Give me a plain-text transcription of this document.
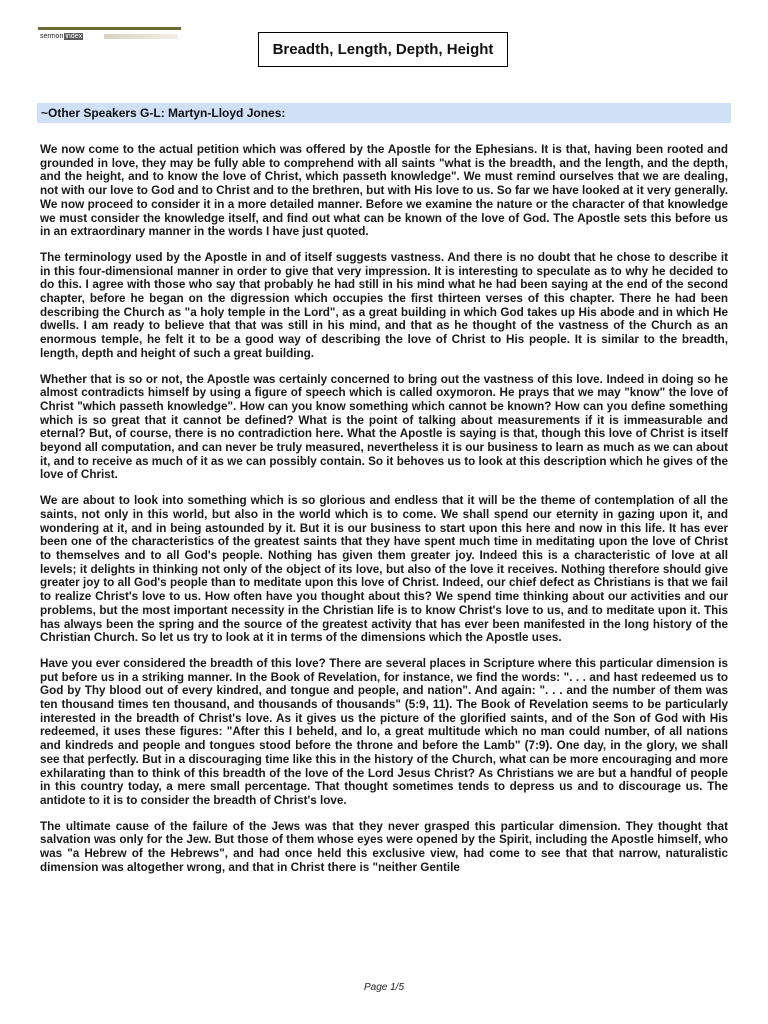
sermon index
Breadth, Length, Depth, Height
~Other Speakers G-L: Martyn-Lloyd Jones:

We now come to the actual petition which was offered by the Apostle for the Ephesians. It is that, having been rooted and grounded in love, they may be fully able to comprehend with all saints "what is the breadth, and the length, and the depth, and the height, and to know the love of Christ, which passeth knowledge". We must remind ourselves that we are dealing, not with our love to God and to Christ and to the brethren, but with His love to us. So far we have looked at it very generally. We now proceed to consider it in a more detailed manner. Before we examine the nature or the character of that knowledge we must consider the knowledge itself, and find out what can be known of the love of God. The Apostle sets this before us in an extraordinary manner in the words I have just quoted.

The terminology used by the Apostle in and of itself suggests vastness. And there is no doubt that he chose to describe it in this four-dimensional manner in order to give that very impression. It is interesting to speculate as to why he decided to do this. I agree with those who say that probably he had still in his mind what he had been saying at the end of the second chapter, before he began on the digression which occupies the first thirteen verses of this chapter. There he had been describing the Church as "a holy temple in the Lord", as a great building in which God takes up His abode and in which He dwells. I am ready to believe that that was still in his mind, and that as he thought of the vastness of the Church as an enormous temple, he felt it to be a good way of describing the love of Christ to His people. It is similar to the breadth, length, depth and height of such a great building.

Whether that is so or not, the Apostle was certainly concerned to bring out the vastness of this love. Indeed in doing so he almost contradicts himself by using a figure of speech which is called oxymoron. He prays that we may "know" the love of Christ "which passeth knowledge". How can you know something which cannot be known? How can you define something which is so great that it cannot be defined? What is the point of talking about measurements if it is immeasurable and eternal? But, of course, there is no contradiction here. What the Apostle is saying is that, though this love of Christ is itself beyond all computation, and can never be truly measured, nevertheless it is our business to learn as much as we can about it, and to receive as much of it as we can possibly contain. So it behoves us to look at this description which he gives of the love of Christ.

We are about to look into something which is so glorious and endless that it will be the theme of contemplation of all the saints, not only in this world, but also in the world which is to come. We shall spend our eternity in gazing upon it, and wondering at it, and in being astounded by it. But it is our business to start upon this here and now in this life. It has ever been one of the characteristics of the greatest saints that they have spent much time in meditating upon the love of Christ to themselves and to all God's people. Nothing has given them greater joy. Indeed this is a characteristic of love at all levels; it delights in thinking not only of the object of its love, but also of the love it receives. Nothing therefore should give greater joy to all God's people than to meditate upon this love of Christ. Indeed, our chief defect as Christians is that we fail to realize Christ's love to us. How often have you thought about this? We spend time thinking about our activities and our problems, but the most important necessity in the Christian life is to know Christ's love to us, and to meditate upon it. This has always been the spring and the source of the greatest activity that has ever been manifested in the long history of the Christian Church. So let us try to look at it in terms of the dimensions which the Apostle uses.

Have you ever considered the breadth of this love? There are several places in Scripture where this particular dimension is put before us in a striking manner. In the Book of Revelation, for instance, we find the words: ". . . and hast redeemed us to God by Thy blood out of every kindred, and tongue and people, and nation". And again: ". . . and the number of them was ten thousand times ten thousand, and thousands of thousands" (5:9, 11). The Book of Revelation seems to be particularly interested in the breadth of Christ's love. As it gives us the picture of the glorified saints, and of the Son of God with His redeemed, it uses these figures: "After this I beheld, and lo, a great multitude which no man could number, of all nations and kindreds and people and tongues stood before the throne and before the Lamb" (7:9). One day, in the glory, we shall see that perfectly. But in a discouraging time like this in the history of the Church, what can be more encouraging and more exhilarating than to think of this breadth of the love of the Lord Jesus Christ? As Christians we are but a handful of people in this country today, a mere small percentage. That thought sometimes tends to depress us and to discourage us. The antidote to it is to consider the breadth of Christ's love.

The ultimate cause of the failure of the Jews was that they never grasped this particular dimension. They thought that salvation was only for the Jew. But those of them whose eyes were opened by the Spirit, including the Apostle himself, who was "a Hebrew of the Hebrews", and had once held this exclusive view, had come to see that that narrow, naturalistic dimension was altogether wrong, and that in Christ there is "neither Gentile

Page 1/5
